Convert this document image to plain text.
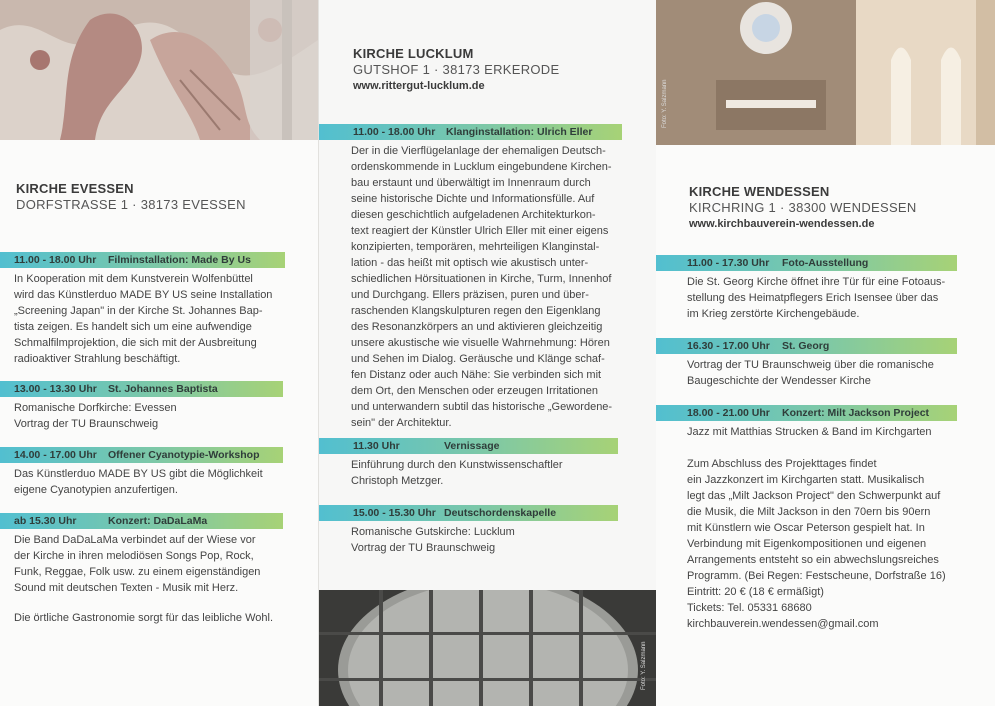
KIRCHE EVESSEN
DORFSTRASSE 1 · 38173 EVESSEN
11.00 - 18.00 Uhr Filminstallation: Made By Us

In Kooperation mit dem Kunstverein Wolfenbüttel
wird das Künstlerduo MADE BY US seine Installation
„Screening Japan" in der Kirche St. Johannes Bap-
tista zeigen. Es handelt sich um eine aufwendige
Schmalfilmprojektion, die sich mit der Ausbreitung
radioaktiver Strahlung beschäftigt.

13.00 - 13.30 Uhr St. Johannes Baptista

Romanische Dorfkirche: Evessen
Vortrag der TU Braunschweig

14.00 - 17.00 Uhr Offener Cyanotypie-Workshop

Das Künstlerduo MADE BY US gibt die Möglichkeit
eigene Cyanotypien anzufertigen.

ab 15.30 Uhr	Konzert: DaDaLaMa

Die Band DaDaLaMa verbindet auf der Wiese vor
der Kirche in ihren melodiösen Songs Pop, Rock,
Funk, Reggae, Folk usw. zu einem eigenständigen
Sound mit deutschen Texten - Musik mit Herz.

Die örtliche Gastronomie sorgt für das leibliche Wohl.

KIRCHE LUCKLUM
GUTSHOF 1 · 38173 ERKERODE
www.rittergut-lucklum.de
11.00 - 18.00 Uhr Klanginstallation: Ulrich Eller

Der in die Vierflügelanlage der ehemaligen Deutsch-
ordenskommende in Lucklum eingebundene Kirchen-
bau erstaunt und überwältigt im Innenraum durch
seine historische Dichte und Informationsfülle. Auf
diesen geschichtlich aufgeladenen Architekturkon-
text reagiert der Künstler Ulrich Eller mit einer eigens
konzipierten, temporären, mehrteiligen Klanginstal-
lation - das heißt mit optisch wie akustisch unter-
schiedlichen Hörsituationen in Kirche, Turm, Innenhof
und Durchgang. Ellers präzisen, puren und über-
raschenden Klangskulpturen regen den Eigenklang
des Resonanzkörpers an und aktivieren gleichzeitig
unsere akustische wie visuelle Wahrnehmung: Hören
und Sehen im Dialog. Geräusche und Klänge schaf-
fen Distanz oder auch Nähe: Sie verbinden sich mit
dem Ort, den Menschen oder erzeugen Irritationen
und unterwandern subtil das historische „Gewordene-
sein" der Architektur.

11.30 Uhr	Vernissage

Einführung durch den Kunstwissenschaftler
Christoph Metzger.

15.00 - 15.30 Uhr Deutschordenskapelle

Romanische Gutskirche: Lucklum
Vortrag der TU Braunschweig

Foto: Y. Salzmann
Foto: Y. Salzmann
KIRCHE WENDESSEN
KIRCHRING 1 · 38300 WENDESSEN
www.kirchbauverein-wendessen.de
11.00 - 17.30 Uhr Foto-Ausstellung

Die St. Georg Kirche öffnet ihre Tür für eine Fotoaus-
stellung des Heimatpflegers Erich Isensee über das
im Krieg zerstörte Kirchengebäude.

16.30 - 17.00 Uhr St. Georg

Vortrag der TU Braunschweig über die romanische
Baugeschichte der Wendesser Kirche

18.00 - 21.00 Uhr Konzert: Milt Jackson Project

Jazz mit Matthias Strucken & Band im Kirchgarten

Zum Abschluss des Projekttages findet
ein Jazzkonzert im Kirchgarten statt. Musikalisch
legt das „Milt Jackson Project" den Schwerpunkt auf
die Musik, die Milt Jackson in den 70ern bis 90ern
mit Künstlern wie Oscar Peterson gespielt hat. In
Verbindung mit Eigenkompositionen und eigenen
Arrangements entsteht so ein abwechslungsreiches
Programm. (Bei Regen: Festscheune, Dorfstraße 16)
Eintritt: 20 € (18 € ermäßigt)
Tickets: Tel. 05331 68680
kirchbauverein.wendessen@gmail.com
